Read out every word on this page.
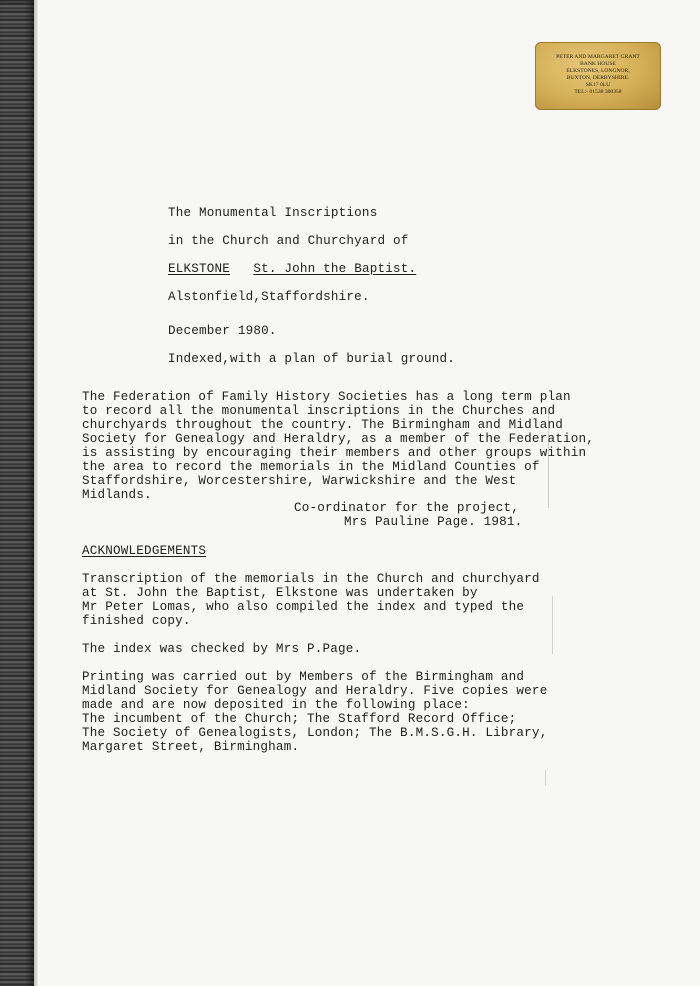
PETER AND MARGARET GRANT
BANK HOUSE
ELKSTONES, LONGNOR,
BUXTON, DERBYSHIRE.
SK17 0LU
TEL:- 01538 300358
The Monumental Inscriptions
in the Church and Churchyard of
ELKSTONE St. John the Baptist.
Alstonfield,Staffordshire.
December 1980.
Indexed,with a plan of burial ground.
The Federation of Family History Societies has a long term plan
to record all the monumental inscriptions in the Churches and
churchyards throughout the country. The Birmingham and Midland
Society for Genealogy and Heraldry, as a member of the Federation,
is assisting by encouraging their members and other groups within
the area to record the memorials in the Midland Counties of
Staffordshire, Worcestershire, Warwickshire and the West
Midlands.
Co-ordinator for the project,
Mrs Pauline Page. 1981.
ACKNOWLEDGEMENTS
Transcription of the memorials in the Church and churchyard
at St. John the Baptist, Elkstone was undertaken by
Mr Peter Lomas, who also compiled the index and typed the
finished copy.
The index was checked by Mrs P.Page.
Printing was carried out by Members of the Birmingham and
Midland Society for Genealogy and Heraldry. Five copies were
made and are now deposited in the following place:
The incumbent of the Church; The Stafford Record Office;
The Society of Genealogists, London; The B.M.S.G.H. Library,
Margaret Street, Birmingham.
